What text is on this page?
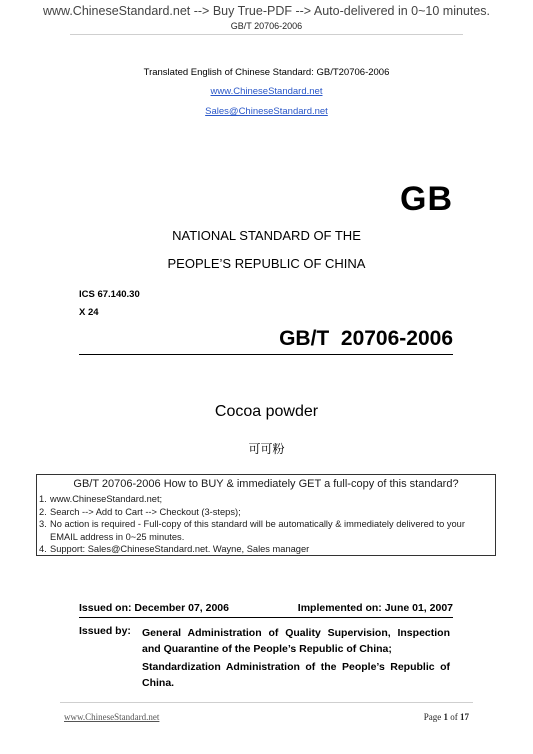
www.ChineseStandard.net --> Buy True-PDF --> Auto-delivered in 0~10 minutes.
GB/T 20706-2006
Translated English of Chinese Standard: GB/T20706-2006
www.ChineseStandard.net
Sales@ChineseStandard.net
GB
NATIONAL STANDARD OF THE
PEOPLE’S REPUBLIC OF CHINA
ICS 67.140.30
X 24
GB/T  20706-2006
Cocoa powder
可可粉
GB/T 20706-2006 How to BUY & immediately GET a full-copy of this standard?
1. www.ChineseStandard.net;
2. Search --> Add to Cart --> Checkout (3-steps);
3. No action is required - Full-copy of this standard will be automatically & immediately delivered to your EMAIL address in 0~25 minutes.
4. Support: Sales@ChineseStandard.net. Wayne, Sales manager
Issued on: December 07, 2006	Implemented on: June 01, 2007
Issued by: General Administration of Quality Supervision, Inspection and Quarantine of the People’s Republic of China;
Standardization Administration of the People’s Republic of China.
www.ChineseStandard.net	Page 1 of 17
